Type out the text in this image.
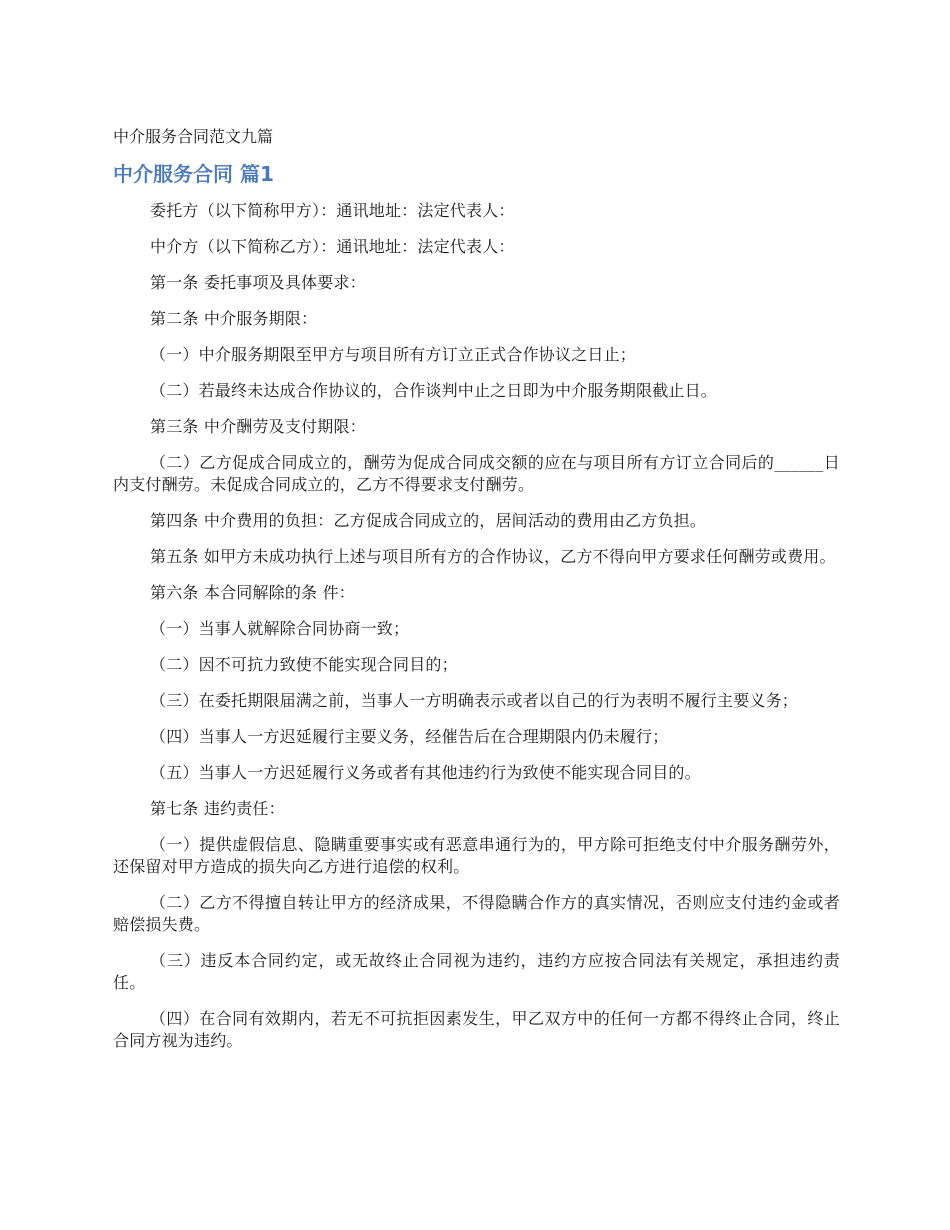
中介服务合同范文九篇
中介服务合同 篇1

委托方（以下简称甲方）：通讯地址：法定代表人：

中介方（以下简称乙方）：通讯地址：法定代表人：

第一条 委托事项及具体要求：

第二条 中介服务期限：

（一）中介服务期限至甲方与项目所有方订立正式合作协议之日止；

（二）若最终未达成合作协议的，合作谈判中止之日即为中介服务期限截止日。

第三条 中介酬劳及支付期限：

（二）乙方促成合同成立的，酬劳为促成合同成交额的应在与项目所有方订立合同后的______日内支付酬劳。未促成合同成立的，乙方不得要求支付酬劳。

第四条 中介费用的负担：乙方促成合同成立的，居间活动的费用由乙方负担。

第五条 如甲方未成功执行上述与项目所有方的合作协议，乙方不得向甲方要求任何酬劳或费用。

第六条 本合同解除的条 件：

（一）当事人就解除合同协商一致；

（二）因不可抗力致使不能实现合同目的；

（三）在委托期限届满之前，当事人一方明确表示或者以自己的行为表明不履行主要义务；

（四）当事人一方迟延履行主要义务，经催告后在合理期限内仍未履行；

（五）当事人一方迟延履行义务或者有其他违约行为致使不能实现合同目的。

第七条 违约责任：

（一）提供虚假信息、隐瞒重要事实或有恶意串通行为的，甲方除可拒绝支付中介服务酬劳外，还保留对甲方造成的损失向乙方进行追偿的权利。

（二）乙方不得擅自转让甲方的经济成果，不得隐瞒合作方的真实情况，否则应支付违约金或者赔偿损失费。

（三）违反本合同约定，或无故终止合同视为违约，违约方应按合同法有关规定，承担违约责任。

（四）在合同有效期内，若无不可抗拒因素发生，甲乙双方中的任何一方都不得终止合同，终止合同方视为违约。
